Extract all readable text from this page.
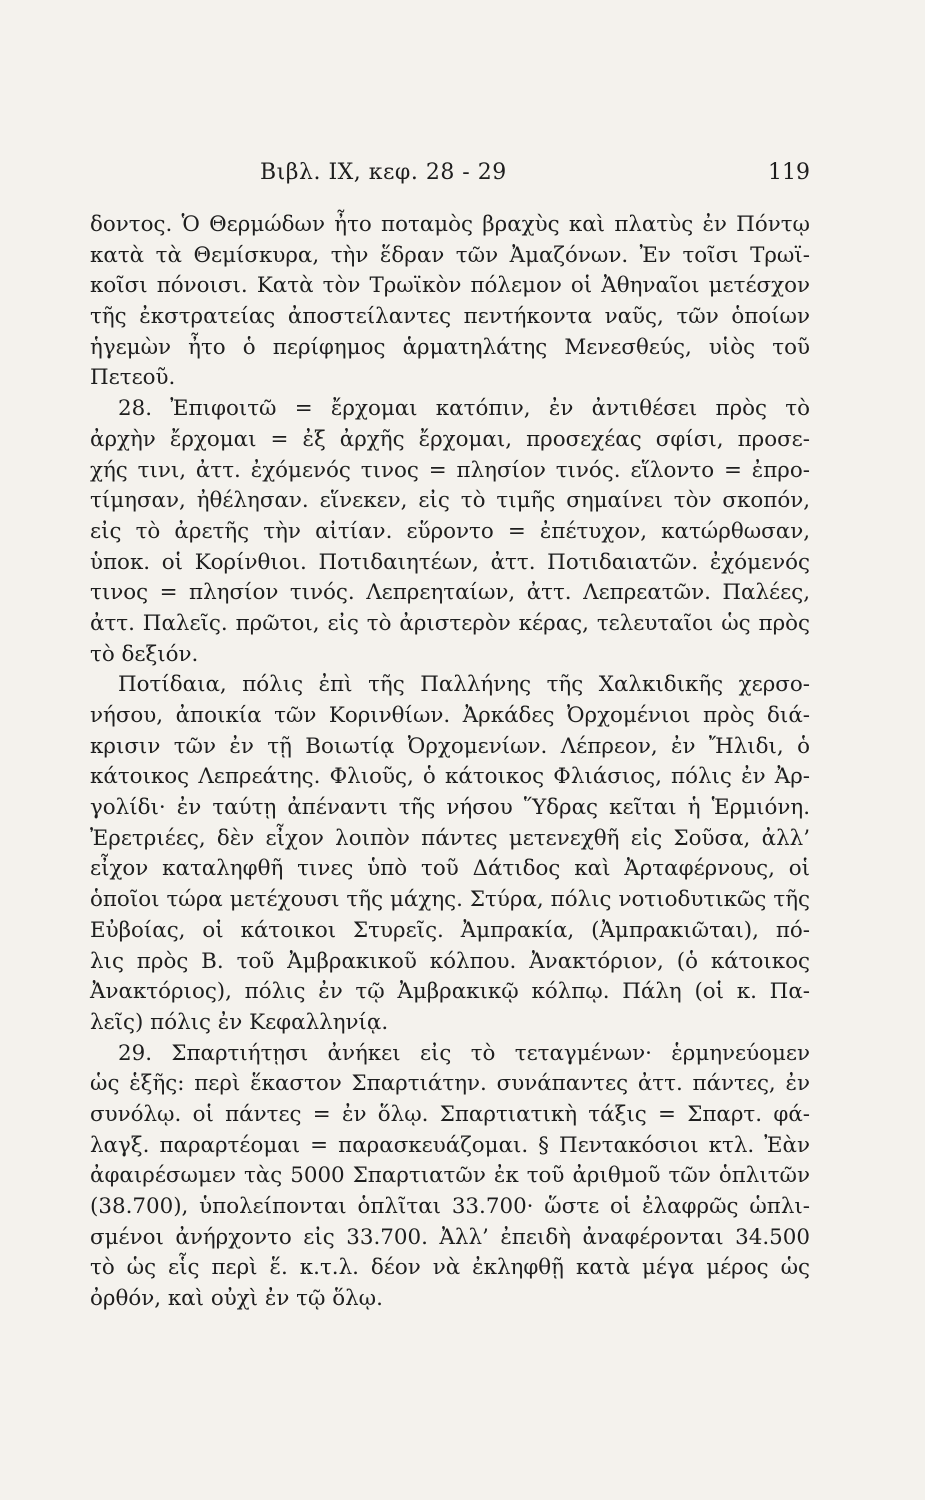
Βιβλ. IX, κεφ. 28 - 29	119
δοντος. Ὁ Θερμώδων ἦτο ποταμὸς βραχὺς καὶ πλατὺς ἐν Πόντῳ
κατὰ τὰ Θεμίσκυρα, τὴν ἕδραν τῶν Ἀμαζόνων. Ἐν τοῖσι Τρωϊ-
κοῖσι πόνοισι. Κατὰ τὸν Τρωϊκὸν πόλεμον οἱ Ἀθηναῖοι μετέσχον
τῆς ἐκστρατείας ἀποστείλαντες πεντήκοντα ναῦς, τῶν ὁποίων
ἡγεμὼν ἦτο ὁ περίφημος ἁρματηλάτης Μενεσθεύς, υἱὸς τοῦ
Πετεοῦ.
28. Ἐπιφοιτῶ = ἔρχομαι κατόπιν, ἐν ἀντιθέσει πρὸς τὸ
ἀρχὴν ἔρχομαι = ἐξ ἀρχῆς ἔρχομαι, προσεχέας σφίσι, προσε-
χής τινι, ἀττ. ἐχόμενός τινος = πλησίον τινός. εἵλοντο = ἐπρο-
τίμησαν, ἠθέλησαν. εἵνεκεν, εἰς τὸ τιμῆς σημαίνει τὸν σκοπόν,
εἰς τὸ ἀρετῆς τὴν αἰτίαν. εὕροντο = ἐπέτυχον, κατώρθωσαν,
ὑποκ. οἱ Κορίνθιοι. Ποτιδαιητέων, ἀττ. Ποτιδαιατῶν. ἐχόμενός
τινος = πλησίον τινός. Λεπρεηταίων, ἀττ. Λεπρεατῶν. Παλέες,
ἀττ. Παλεῖς. πρῶτοι, εἰς τὸ ἀριστερὸν κέρας, τελευταῖοι ὡς πρὸς
τὸ δεξιόν.
Ποτίδαια, πόλις ἐπὶ τῆς Παλλήνης τῆς Χαλκιδικῆς χερσο-
νήσου, ἀποικία τῶν Κορινθίων. Ἀρκάδες Ὀρχομένιοι πρὸς διά-
κρισιν τῶν ἐν τῇ Βοιωτίᾳ Ὀρχομενίων. Λέπρεον, ἐν Ἤλιδι, ὁ
κάτοικος Λεπρεάτης. Φλιοῦς, ὁ κάτοικος Φλιάσιος, πόλις ἐν Ἀρ-
γολίδι· ἐν ταύτῃ ἀπέναντι τῆς νήσου Ὕδρας κεῖται ἡ Ἑρμιόνη.
Ἐρετριέες, δὲν εἶχον λοιπὸν πάντες μετενεχθῆ εἰς Σοῦσα, ἀλλ’
εἶχον καταληφθῆ τινες ὑπὸ τοῦ Δάτιδος καὶ Ἀρταφέρνους, οἱ
ὁποῖοι τώρα μετέχουσι τῆς μάχης. Στύρα, πόλις νοτιοδυτικῶς τῆς
Εὐβοίας, οἱ κάτοικοι Στυρεῖς. Ἀμπρακία, (Ἀμπρακιῶται), πό-
λις πρὸς Β. τοῦ Ἀμβρακικοῦ κόλπου. Ἀνακτόριον, (ὁ κάτοικος
Ἀνακτόριος), πόλις ἐν τῷ Ἀμβρακικῷ κόλπῳ. Πάλη (οἱ κ. Πα-
λεῖς) πόλις ἐν Κεφαλληνίᾳ.
29. Σπαρτιήτῃσι ἀνήκει εἰς τὸ τεταγμένων· ἑρμηνεύομεν
ὡς ἑξῆς: περὶ ἕκαστον Σπαρτιάτην. συνάπαντες ἀττ. πάντες, ἐν
συνόλῳ. οἱ πάντες = ἐν ὅλῳ. Σπαρτιατικὴ τάξις = Σπαρτ. φά-
λαγξ. παραρτέομαι = παρασκευάζομαι. § Πεντακόσιοι κτλ. Ἐὰν
ἀφαιρέσωμεν τὰς 5000 Σπαρτιατῶν ἐκ τοῦ ἀριθμοῦ τῶν ὁπλιτῶν
(38.700), ὑπολείπονται ὁπλῖται 33.700· ὥστε οἱ ἐλαφρῶς ὡπλι-
σμένοι ἀνήρχοντο εἰς 33.700. Ἀλλ’ ἐπειδὴ ἀναφέρονται 34.500
τὸ ὡς εἷς περὶ ἕ. κ.τ.λ. δέον νὰ ἐκληφθῇ κατὰ μέγα μέρος ὡς
ὀρθόν, καὶ οὐχὶ ἐν τῷ ὅλῳ.
